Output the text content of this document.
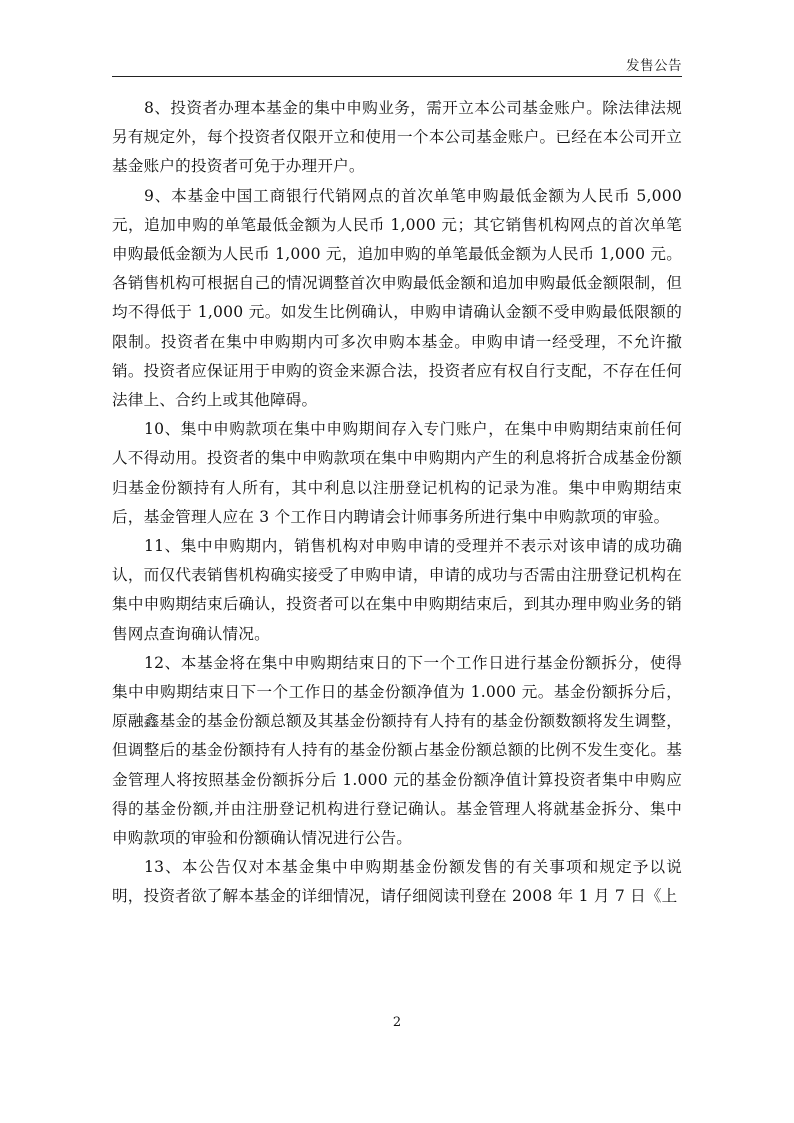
发售公告

8、投资者办理本基金的集中申购业务，需开立本公司基金账户。除法律法规另有规定外，每个投资者仅限开立和使用一个本公司基金账户。已经在本公司开立基金账户的投资者可免于办理开户。

9、本基金中国工商银行代销网点的首次单笔申购最低金额为人民币 5,000元，追加申购的单笔最低金额为人民币 1,000 元；其它销售机构网点的首次单笔申购最低金额为人民币 1,000 元，追加申购的单笔最低金额为人民币 1,000 元。各销售机构可根据自己的情况调整首次申购最低金额和追加申购最低金额限制，但均不得低于 1,000 元。如发生比例确认，申购申请确认金额不受申购最低限额的限制。投资者在集中申购期内可多次申购本基金。申购申请一经受理，不允许撤销。投资者应保证用于申购的资金来源合法，投资者应有权自行支配，不存在任何法律上、合约上或其他障碍。

10、集中申购款项在集中申购期间存入专门账户，在集中申购期结束前任何人不得动用。投资者的集中申购款项在集中申购期内产生的利息将折合成基金份额归基金份额持有人所有，其中利息以注册登记机构的记录为准。集中申购期结束后，基金管理人应在 3 个工作日内聘请会计师事务所进行集中申购款项的审验。

11、集中申购期内，销售机构对申购申请的受理并不表示对该申请的成功确认，而仅代表销售机构确实接受了申购申请，申请的成功与否需由注册登记机构在集中申购期结束后确认，投资者可以在集中申购期结束后，到其办理申购业务的销售网点查询确认情况。

12、本基金将在集中申购期结束日的下一个工作日进行基金份额拆分，使得集中申购期结束日下一个工作日的基金份额净值为 1.000 元。基金份额拆分后，原融鑫基金的基金份额总额及其基金份额持有人持有的基金份额数额将发生调整，但调整后的基金份额持有人持有的基金份额占基金份额总额的比例不发生变化。基金管理人将按照基金份额拆分后 1.000 元的基金份额净值计算投资者集中申购应得的基金份额,并由注册登记机构进行登记确认。基金管理人将就基金拆分、集中申购款项的审验和份额确认情况进行公告。

13、本公告仅对本基金集中申购期基金份额发售的有关事项和规定予以说明，投资者欲了解本基金的详细情况，请仔细阅读刊登在 2008 年 1 月 7 日《上

2
